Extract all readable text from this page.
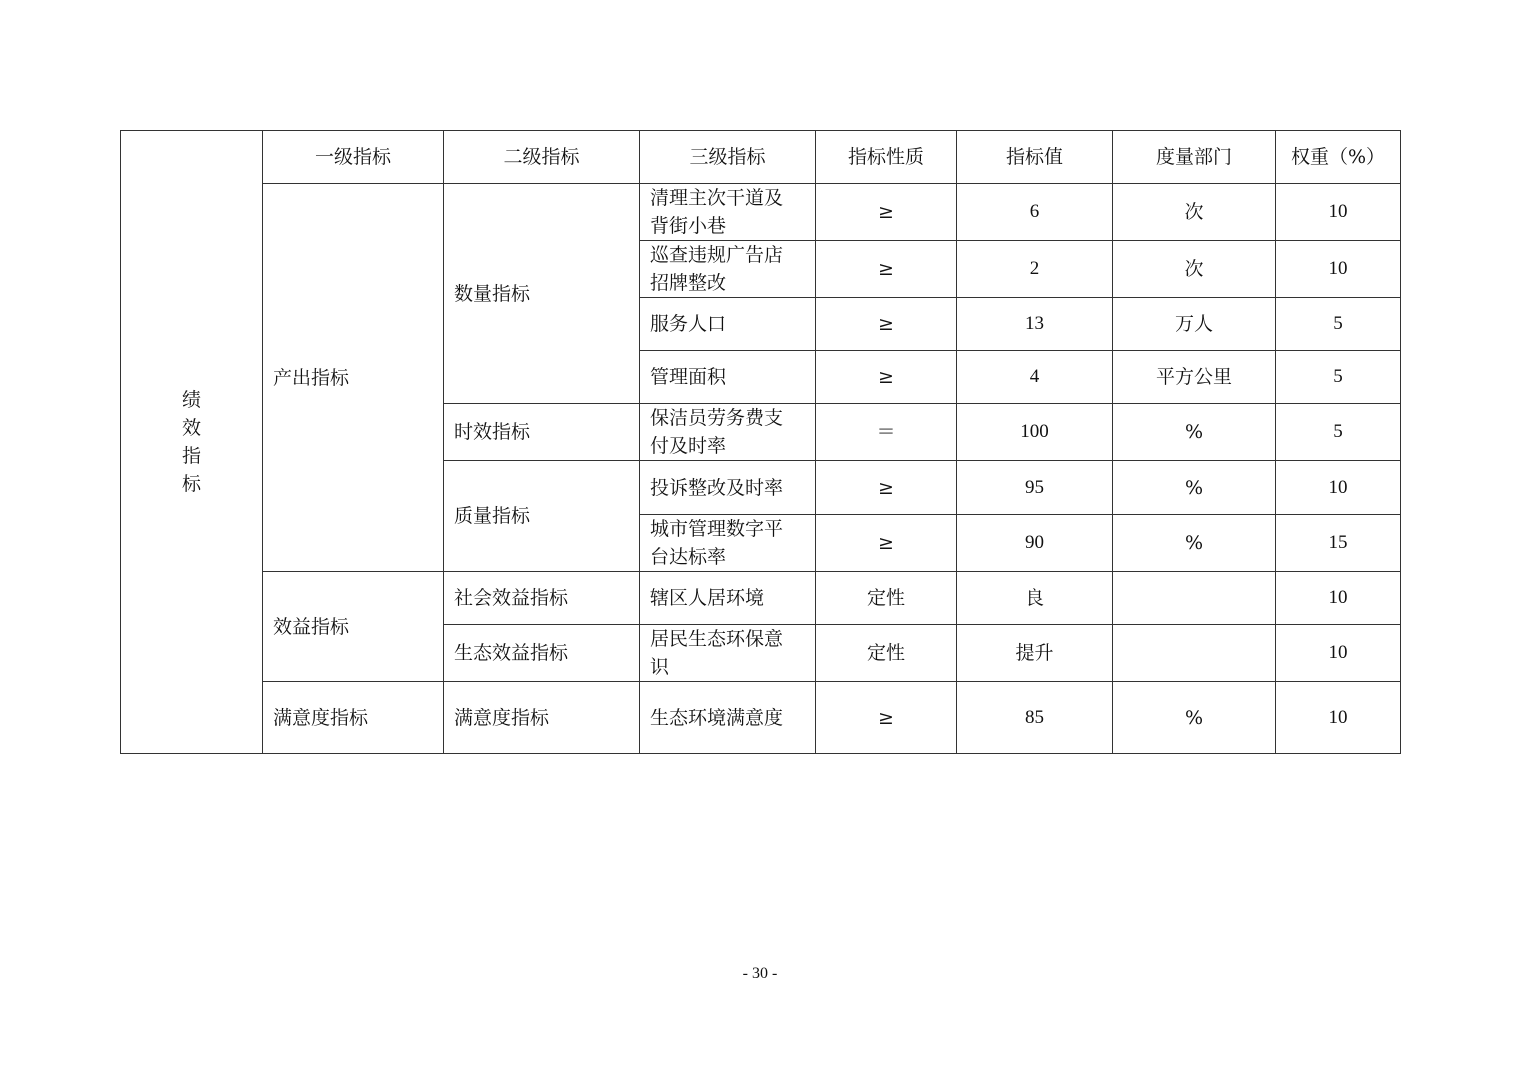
绩
效
指
标	一级指标	二级指标	三级指标	指标性质	指标值	度量部门	权重（%）
	产出指标	数量指标	清理主次干道及
背街小巷	≥	6	次	10

			巡查违规广告店
招牌整改	≥	2	次	10

			服务人口	≥	13	万人	5

			管理面积	≥	4	平方公里	5
		时效指标	保洁员劳务费支
付及时率	＝	100	%	5
		质量指标	投诉整改及时率	≥	95	%	10

			城市管理数字平
台达标率	≥	90	%	15
	效益指标	社会效益指标	辖区人居环境	定性	良		10
		生态效益指标	居民生态环保意
识	定性	提升		10
	满意度指标	满意度指标	生态环境满意度	≥	85	%	10
- 30 -
